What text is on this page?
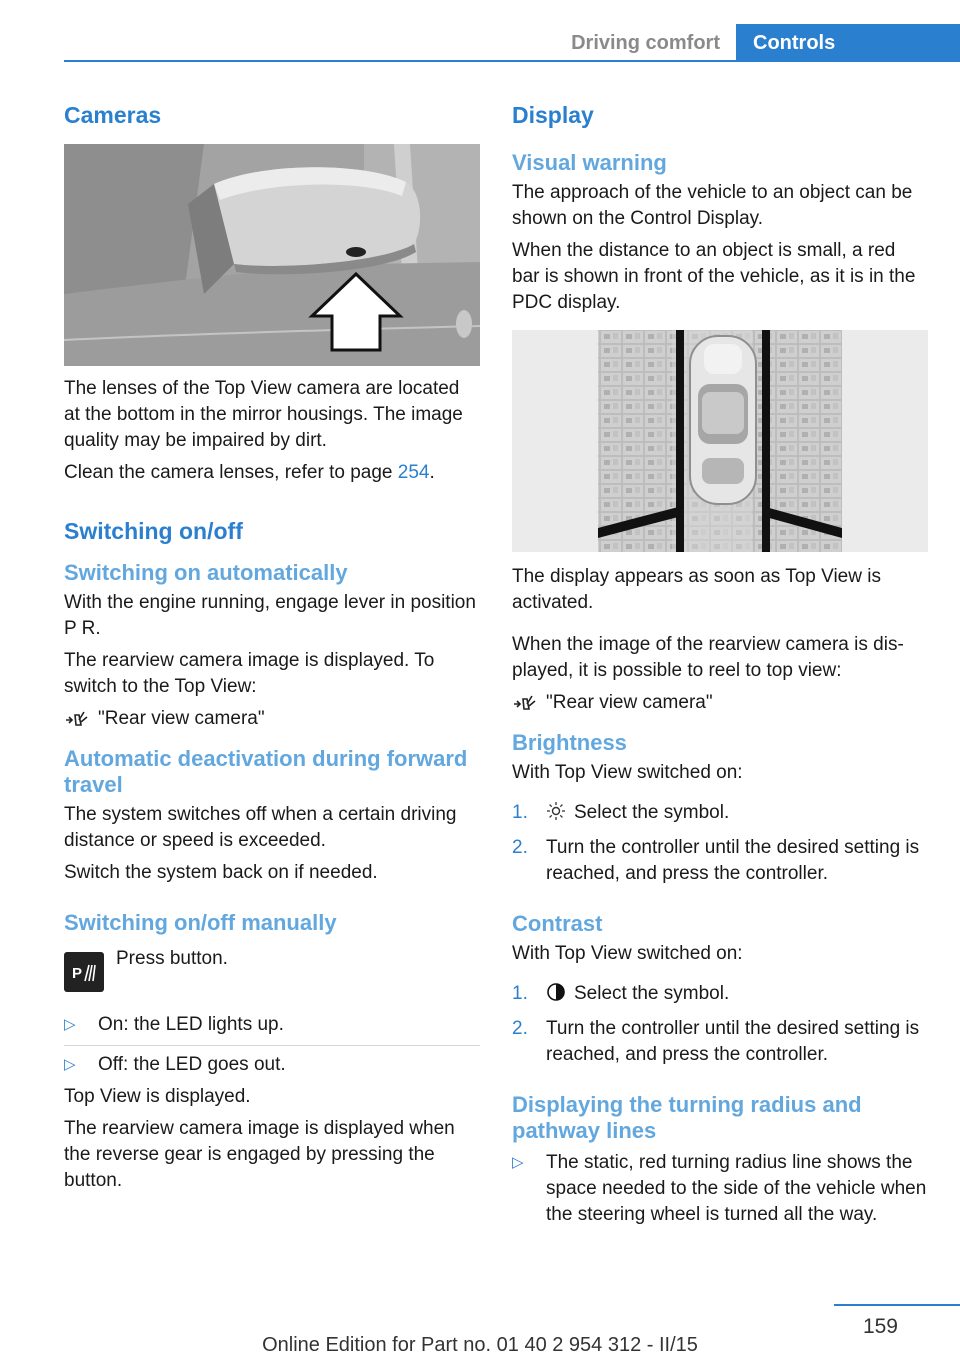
Driving comfort	Controls
Cameras
The lenses of the Top View camera are located at the bottom in the mirror housings. The image quality may be impaired by dirt.
Clean the camera lenses, refer to page 254.
Switching on/off
Switching on automatically
With the engine running, engage lever in position P R.
The rearview camera image is displayed. To switch to the Top View:
"Rear view camera"
Automatic deactivation during forward travel
The system switches off when a certain driving distance or speed is exceeded.
Switch the system back on if needed.
Switching on/off manually
P
Press button.
▷ On: the LED lights up.
▷ Off: the LED goes out.
Top View is displayed.
The rearview camera image is displayed when the reverse gear is engaged by pressing the button.
Display
Visual warning
The approach of the vehicle to an object can be shown on the Control Display.
When the distance to an object is small, a red bar is shown in front of the vehicle, as it is in the PDC display.
The display appears as soon as Top View is activated.
When the image of the rearview camera is displayed, it is possible to reel to top view:
"Rear view camera"
Brightness
With Top View switched on:
1. Select the symbol.
2. Turn the controller until the desired setting is reached, and press the controller.
Contrast
With Top View switched on:
1. Select the symbol.
2. Turn the controller until the desired setting is reached, and press the controller.
Displaying the turning radius and pathway lines
▷ The static, red turning radius line shows the space needed to the side of the vehicle when the steering wheel is turned all the way.
159
Online Edition for Part no. 01 40 2 954 312 - II/15
